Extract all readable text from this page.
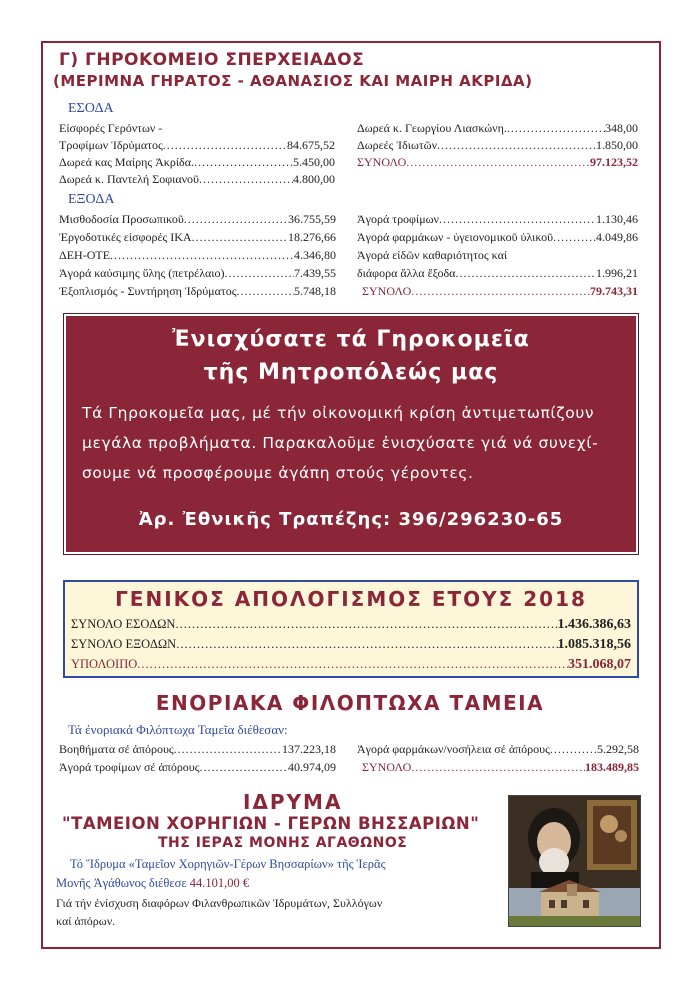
Γ) ΓΗΡΟΚΟΜΕΙΟ ΣΠΕΡΧΕΙΑΔΟΣ
(ΜΕΡΙΜΝΑ ΓΗΡΑΤΟΣ - ΑΘΑΝΑΣΙΟΣ ΚΑΙ ΜΑΙΡΗ ΑΚΡΙΔΑ)
ΕΣΟΔΑ
Εἰσφορές Γερόντων -
Τροφίμων Ἱδρύματος .....	84.675,52
Δωρεά κας Μαίρης Ἀκρίδα. .....	5.450,00
Δωρεά κ. Παντελή Σοφιανοῦ .....	4.800,00
Δωρεά κ. Γεωργίου Λιασκώνη. .....	348,00
Δωρεές Ἰδιωτῶν .....	1.850,00
ΣΥΝΟΛΟ .....	97.123,52
ΕΞΟΔΑ
Μισθοδοσία Προσωπικοῦ .....	36.755,59
Ἐργοδοτικές εἰσφορές ΙΚΑ .....	18.276,66
ΔΕΗ-ΟΤΕ .....	4.346,80
Ἀγορά καύσιμης ὕλης (πετρέλαιο) .....	7.439,55
Ἐξοπλισμός - Συντήρηση Ἱδρύματος .....	5.748,18
Ἀγορά τροφίμων .....	1.130,46
Ἀγορά φαρμάκων - ὑγειονομικοῦ ὑλικοῦ .....	4.049,86
Ἀγορά εἰδῶν καθαριότητος καί
διάφορα ἄλλα ἔξοδα .....	1.996,21
ΣΥΝΟΛΟ .....	79.743,31
Ἐνισχύσατε τά Γηροκομεῖα
τῆς Μητροπόλεώς μας
Τά Γηροκομεῖα μας, μέ τήν οἰκονομική κρίση ἀντιμετωπίζουν
μεγάλα προβλήματα. Παρακαλοῦμε ἐνισχύσατε γιά νά συνεχί-
σουμε νά προσφέρουμε ἀγάπη στούς γέροντες.
Ἀρ. Ἐθνικῆς Τραπέζης: 396/296230-65
ΓΕΝΙΚΟΣ ΑΠΟΛΟΓΙΣΜΟΣ ΕΤΟΥΣ 2018
ΣΥΝΟΛΟ ΕΣΟΔΩΝ .....	1.436.386,63
ΣΥΝΟΛΟ ΕΞΟΔΩΝ .....	1.085.318,56
ΥΠΟΛΟΙΠΟ .....	351.068,07
ΕΝΟΡΙΑΚΑ ΦΙΛΟΠΤΩΧΑ ΤΑΜΕΙΑ
Τά ἐνοριακά Φιλόπτωχα Ταμεῖα διέθεσαν:
Βοηθήματα σέ ἀπόρους .....	137.223,18
Ἀγορά τροφίμων σέ ἀπόρους .....	40.974,09
Ἀγορά φαρμάκων/νοσήλεια σέ ἀπόρους .....	5.292,58
ΣΥΝΟΛΟ .....	183.489,85
ΙΔΡΥΜΑ
"ΤΑΜΕΙΟΝ ΧΟΡΗΓΙΩΝ - ΓΕΡΩΝ ΒΗΣΣΑΡΙΩΝ"
ΤΗΣ ΙΕΡΑΣ ΜΟΝΗΣ ΑΓΑΘΩΝΟΣ
Τό Ἵδρυμα «Ταμεῖον Χορηγιῶν-Γέρων Βησσαρίων» τῆς Ἱερᾶς
Μονῆς Ἀγάθωνος διέθεσε 44.101,00 €
Γιά τήν ἐνίσχυση διαφόρων Φιλανθρωπικῶν Ἱδρυμάτων, Συλλόγων
καί ἀπόρων.
